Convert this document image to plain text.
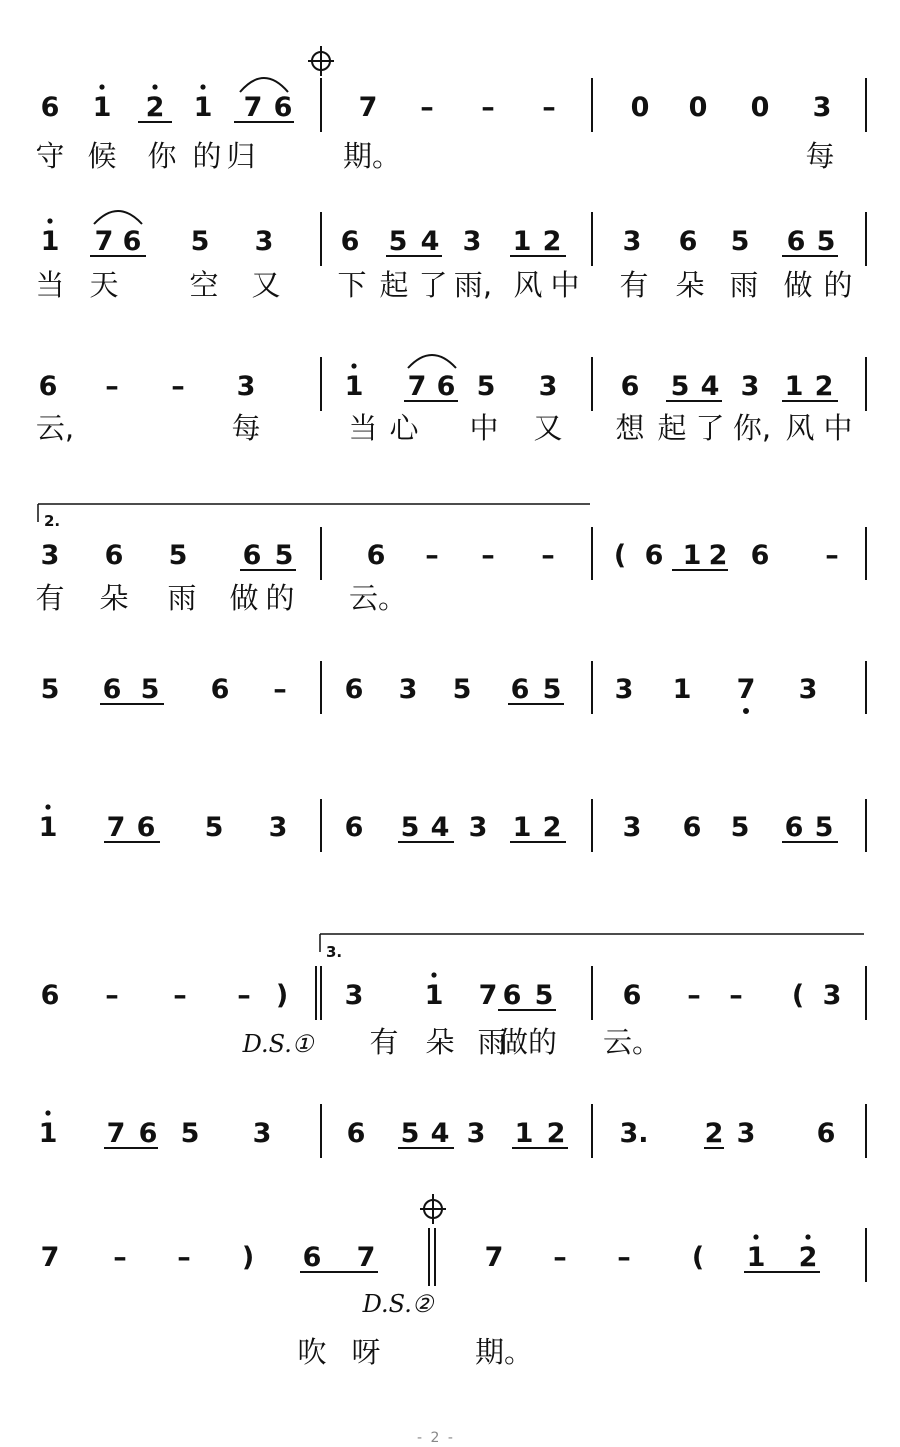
6 1 2 1 7 6 7 – – –	0 0 0 3
守 候 你 的 归	期。	每
1 7 6 5 3 6 5 4 3 1 2 3 6 5 6 5
当 天 空 又 下 起 了 雨, 风 中 有 朵 雨 做 的
6 – – 3	1 7 6 5 3 6 5 4 3 1 2
云,	每	当 心 中 又 想 起 了 你, 风 中
3 6 5 6 5	6 – – – ( 6 1 2 6 –
有 朵 雨 做 的 云。
2.
5 6 5 6 – 6 3 5 6 5 3 1 7 3
1 7 6 5 3 6 5 4 3 1 2 3 6 5 6 5
6 – – – ) 3 1 7 6 5	6 – – ( 3
有 朵 雨
做的 云。
3.
D.S.①
1 7 6 5 3	6 5 4 3 1 2 3. 2 3 6
7 – – ) 6 7	7 – – ( 1 2
吹 呀	期。
D.S.②
- 2 -
